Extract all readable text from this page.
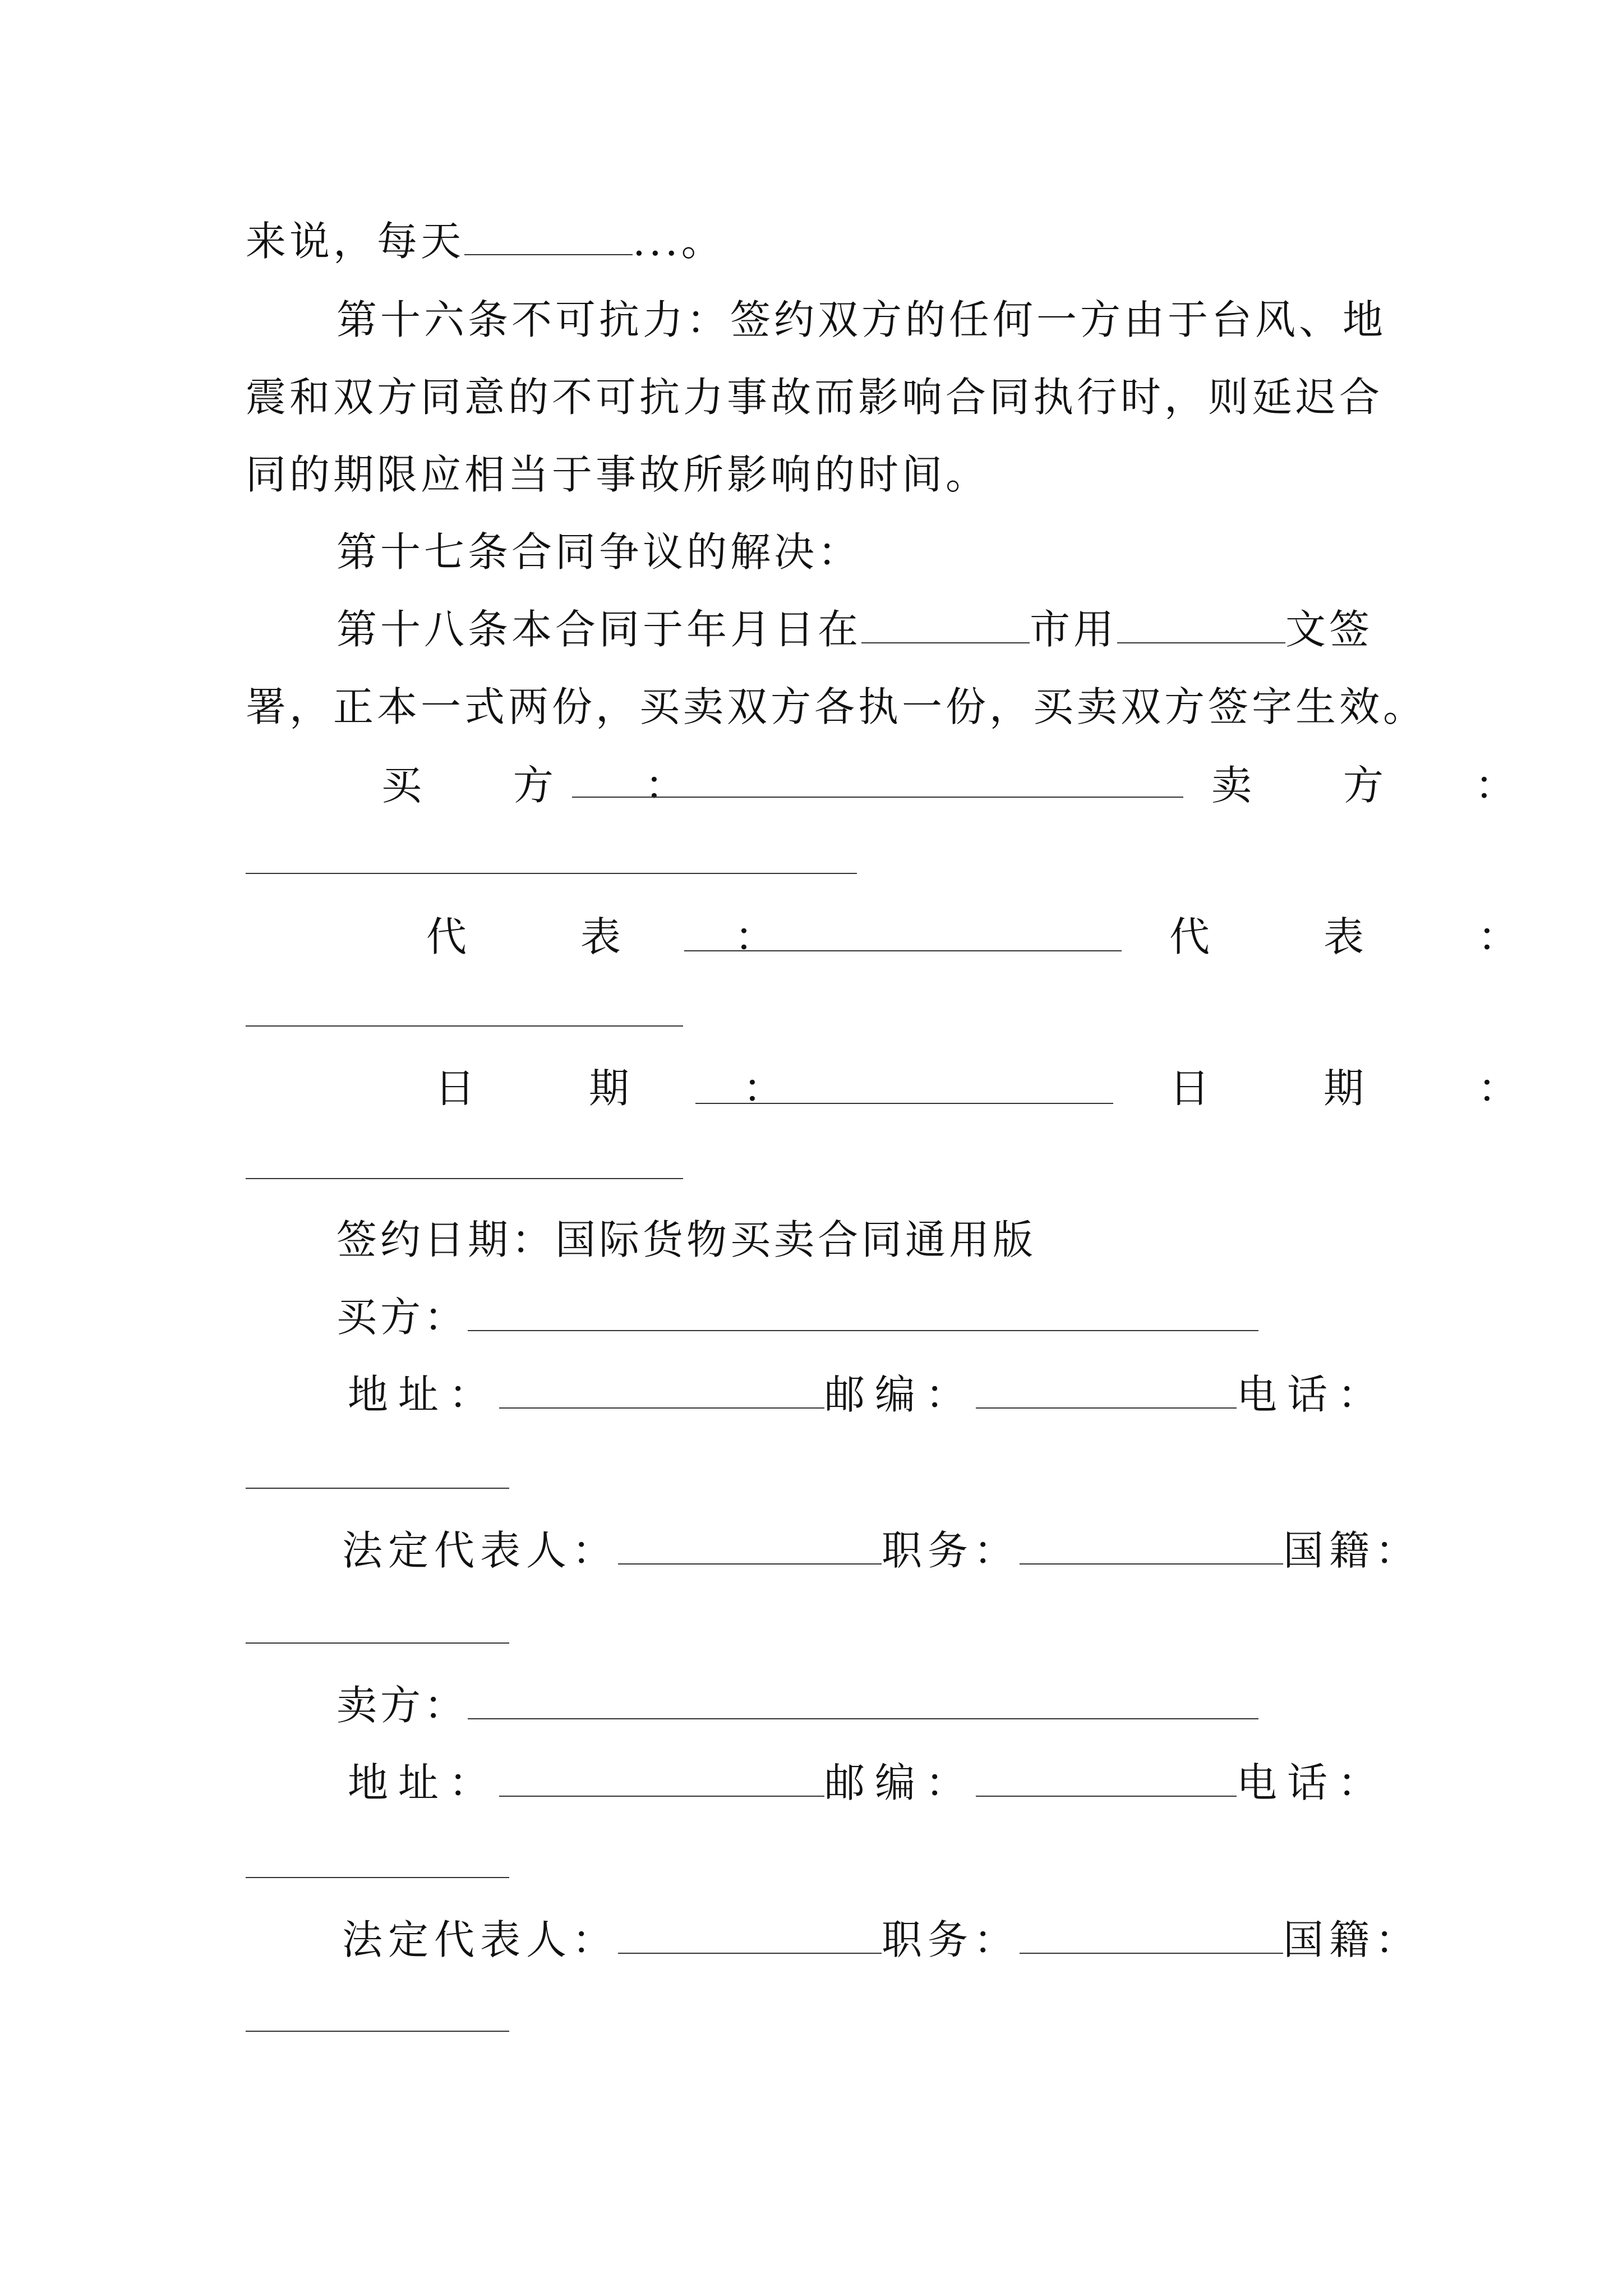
来说，每天	...。
第十六条不可抗力：签约双方的任何一方由于台风、地
震和双方同意的不可抗力事故而影响合同执行时，则延迟合
同的期限应相当于事故所影响的时间。
第十七条合同争议的解决：
第十八条本合同于年月日在	市用	文签
署，正本一式两份，买卖双方各执一份，买卖双方签字生效。
买 方 ：	卖 方 ：
代 表 ：	代 表 ：
日 期 ：	日 期 ：
签约日期：国际货物买卖合同通用版
买方：
地址：	邮编：	电话：
法定代表人：	职务：	国籍：
卖方：
地址：	邮编：	电话：
法定代表人：	职务：	国籍：
